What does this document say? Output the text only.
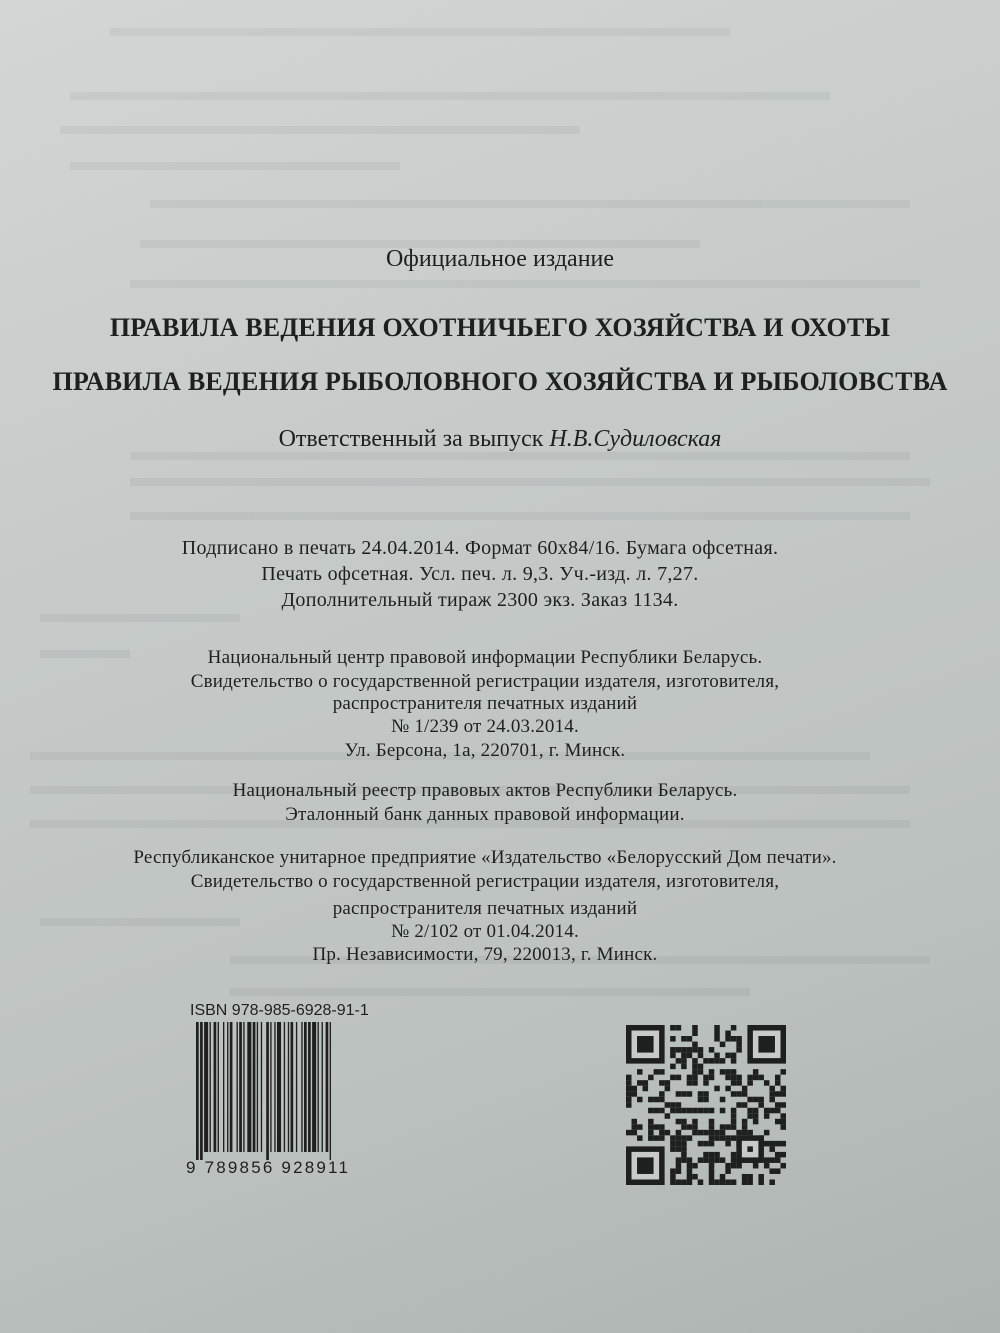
Официальное издание
ПРАВИЛА ВЕДЕНИЯ ОХОТНИЧЬЕГО ХОЗЯЙСТВА И ОХОТЫ
ПРАВИЛА ВЕДЕНИЯ РЫБОЛОВНОГО ХОЗЯЙСТВА И РЫБОЛОВСТВА
Ответственный за выпуск Н.В.Судиловская
Подписано в печать 24.04.2014. Формат 60х84/16. Бумага офсетная.
Печать офсетная. Усл. печ. л. 9,3. Уч.-изд. л. 7,27.
Дополнительный тираж 2300 экз. Заказ 1134.
Национальный центр правовой информации Республики Беларусь.
Свидетельство о государственной регистрации издателя, изготовителя,
распространителя печатных изданий
№ 1/239 от 24.03.2014.
Ул. Берсона, 1а, 220701, г. Минск.
Национальный реестр правовых актов Республики Беларусь.
Эталонный банк данных правовой информации.
Республиканское унитарное предприятие «Издательство «Белорусский Дом печати».
Свидетельство о государственной регистрации издателя, изготовителя,
распространителя печатных изданий
№ 2/102 от 01.04.2014.
Пр. Независимости, 79, 220013, г. Минск.
ISBN 978-985-6928-91-1
9 789856 928911
